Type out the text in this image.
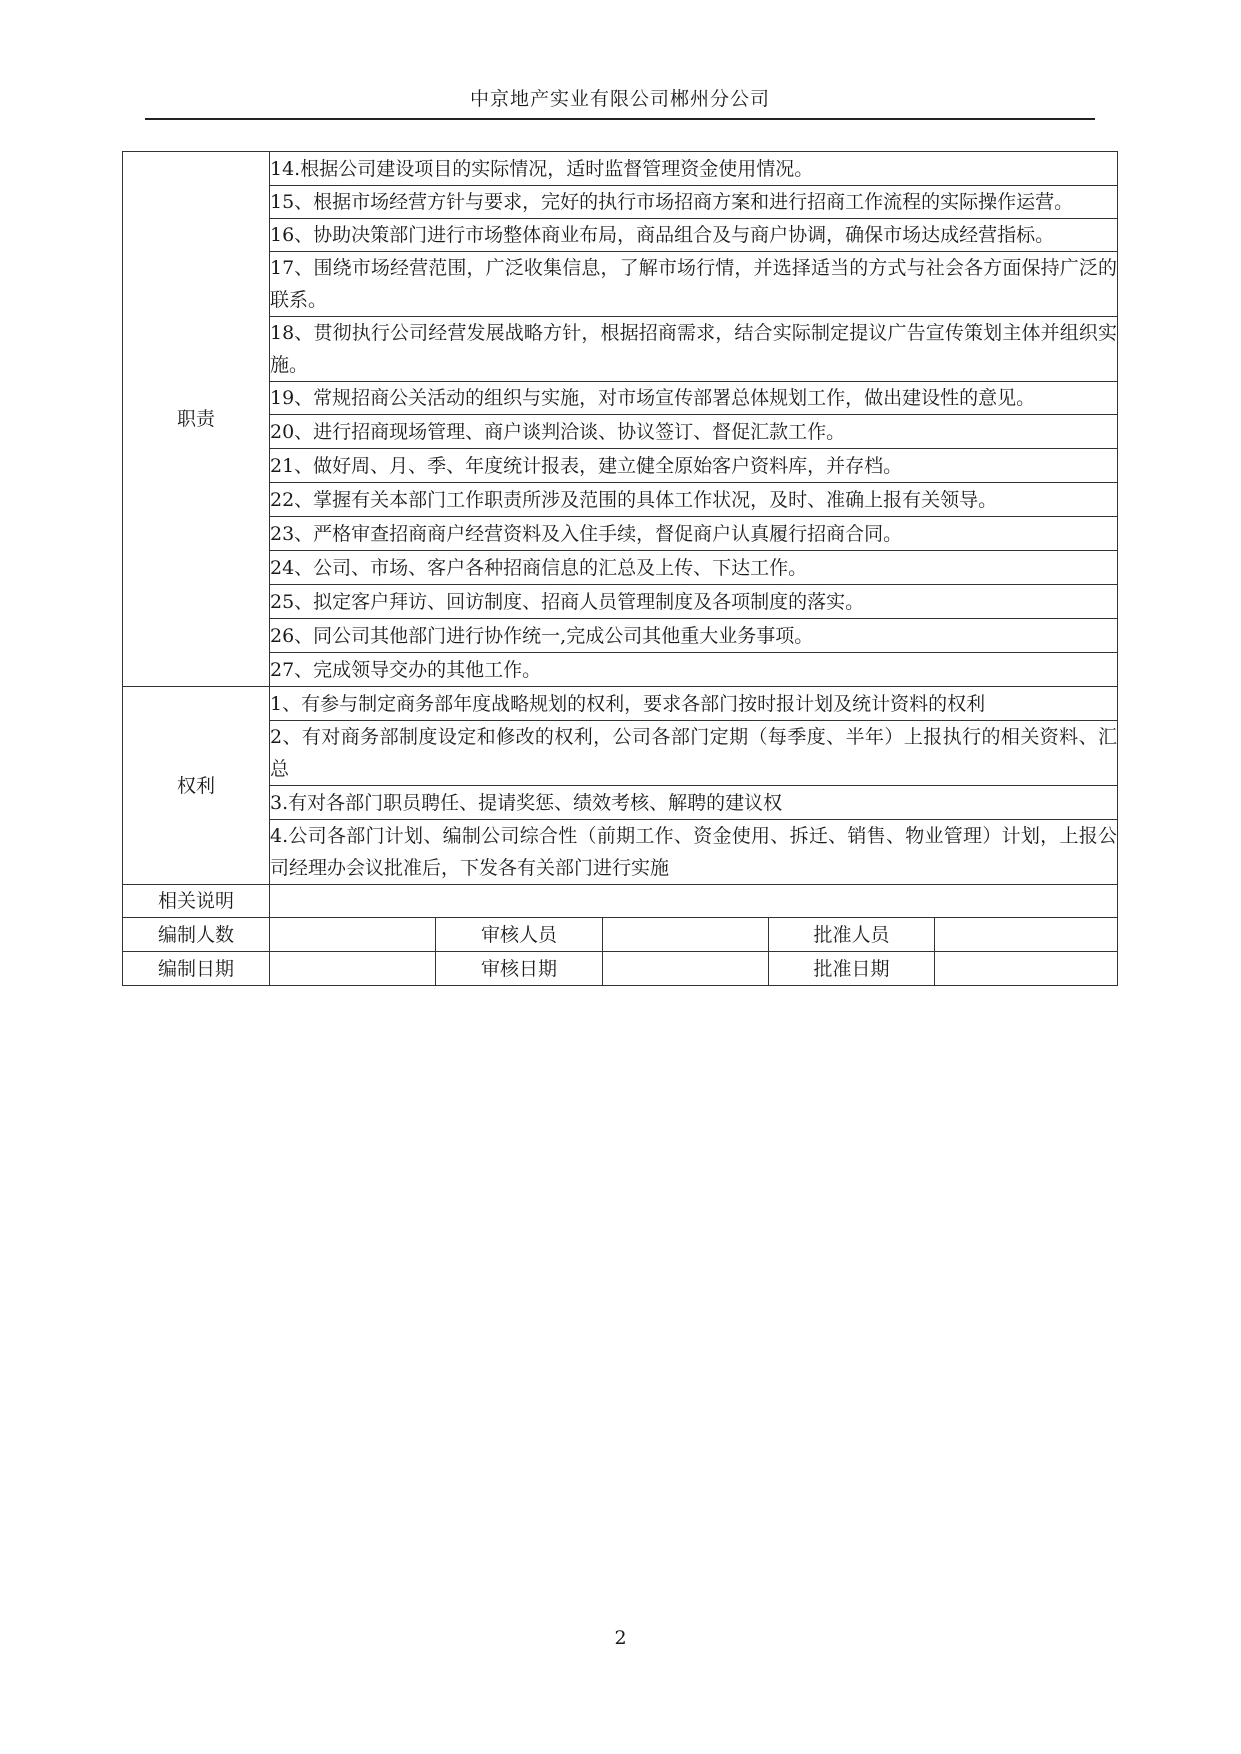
中京地产实业有限公司郴州分公司
职责	14.根据公司建设项目的实际情况，适时监督管理资金使用情况。				
	15、根据市场经营方针与要求，完好的执行市场招商方案和进行招商工作流程的实际操作运营。				
	16、协助决策部门进行市场整体商业布局，商品组合及与商户协调，确保市场达成经营指标。				
	17、围绕市场经营范围，广泛收集信息，了解市场行情，并选择适当的方式与社会各方面保持广泛的联系。				
	18、贯彻执行公司经营发展战略方针，根据招商需求，结合实际制定提议广告宣传策划主体并组织实施。				
	19、常规招商公关活动的组织与实施，对市场宣传部署总体规划工作，做出建设性的意见。				
	20、进行招商现场管理、商户谈判洽谈、协议签订、督促汇款工作。				
	21、做好周、月、季、年度统计报表，建立健全原始客户资料库，并存档。				
	22、掌握有关本部门工作职责所涉及范围的具体工作状况，及时、准确上报有关领导。				
	23、严格审查招商商户经营资料及入住手续，督促商户认真履行招商合同。				
	24、公司、市场、客户各种招商信息的汇总及上传、下达工作。				
	25、拟定客户拜访、回访制度、招商人员管理制度及各项制度的落实。				
	26、同公司其他部门进行协作统一,完成公司其他重大业务事项。				
	27、完成领导交办的其他工作。				
权利	1、有参与制定商务部年度战略规划的权利，要求各部门按时报计划及统计资料的权利				
	2、有对商务部制度设定和修改的权利，公司各部门定期（每季度、半年）上报执行的相关资料、汇总				
	3.有对各部门职员聘任、提请奖惩、绩效考核、解聘的建议权				
	4.公司各部门计划、编制公司综合性（前期工作、资金使用、拆迁、销售、物业管理）计划，上报公司经理办会议批准后，下发各有关部门进行实施				
相关说明					
编制人数		审核人员		批准人员	
编制日期		审核日期		批准日期	
2
